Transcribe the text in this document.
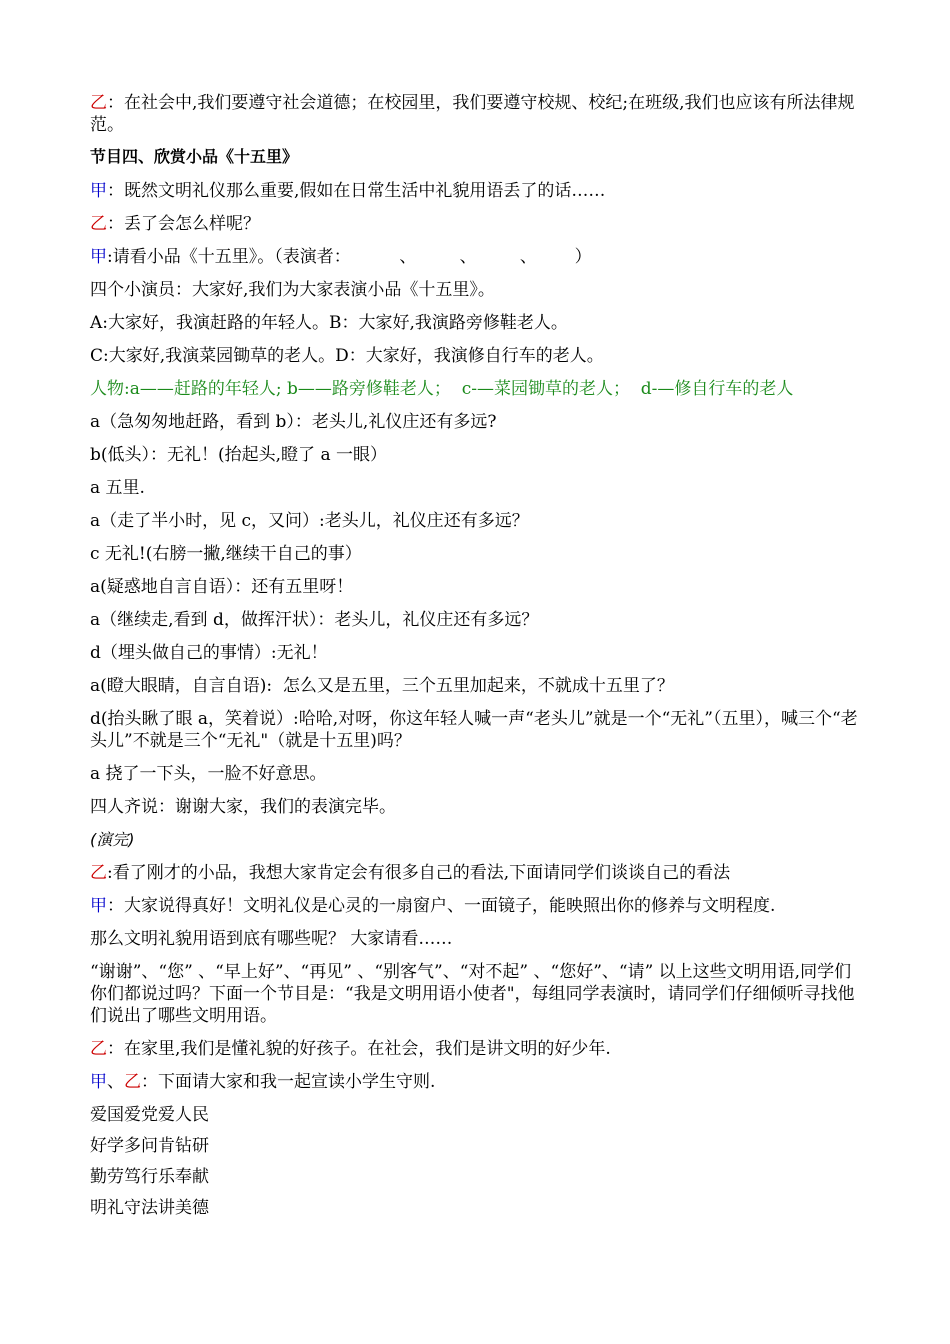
乙：在社会中,我们要遵守社会道德；在校园里，我们要遵守校规、校纪;在班级,我们也应该有所法律规范。

节目四、欣赏小品《十五里》

甲：既然文明礼仪那么重要,假如在日常生活中礼貌用语丢了的话……

乙：丢了会怎么样呢？

甲:请看小品《十五里》。（表演者：         、        、        、       ）

四个小演员：大家好,我们为大家表演小品《十五里》。

A:大家好，我演赶路的年轻人。B：大家好,我演路旁修鞋老人。

C:大家好,我演菜园锄草的老人。D：大家好，我演修自行车的老人。

人物:a——赶路的年轻人; b——路旁修鞋老人；  c-—菜园锄草的老人；  d-—修自行车的老人

a（急匆匆地赶路，看到 b）：老头儿,礼仪庄还有多远?

b(低头）：无礼！(抬起头,瞪了 a 一眼）

a 五里.

a（走了半小时，见 c，又问）:老头儿，礼仪庄还有多远？

c 无礼!(右膀一撇,继续干自己的事）

a(疑惑地自言自语）：还有五里呀！

a（继续走,看到 d，做挥汗状）：老头儿，礼仪庄还有多远？

d（埋头做自己的事情）:无礼！

a(瞪大眼睛，自言自语):  怎么又是五里，三个五里加起来，不就成十五里了？

d(抬头瞅了眼 a，笑着说）:哈哈,对呀，你这年轻人喊一声“老头儿”就是一个“无礼”（五里），喊三个“老头儿”不就是三个“无礼"（就是十五里)吗？

a 挠了一下头，一脸不好意思。

四人齐说：谢谢大家，我们的表演完毕。

(演完)

乙:看了刚才的小品，我想大家肯定会有很多自己的看法,下面请同学们谈谈自己的看法

甲：大家说得真好！文明礼仪是心灵的一扇窗户、一面镜子，能映照出你的修养与文明程度.

那么文明礼貌用语到底有哪些呢？ 大家请看……

“谢谢”、“您” 、“早上好”、“再见” 、“别客气”、“对不起” 、“您好”、“请” 以上这些文明用语,同学们你们都说过吗？下面一个节目是：“我是文明用语小使者"，每组同学表演时，请同学们仔细倾听寻找他们说出了哪些文明用语。

乙：在家里,我们是懂礼貌的好孩子。在社会，我们是讲文明的好少年.

甲、乙：下面请大家和我一起宣读小学生守则.

爱国爱党爱人民

好学多问肯钻研

勤劳笃行乐奉献

明礼守法讲美德
